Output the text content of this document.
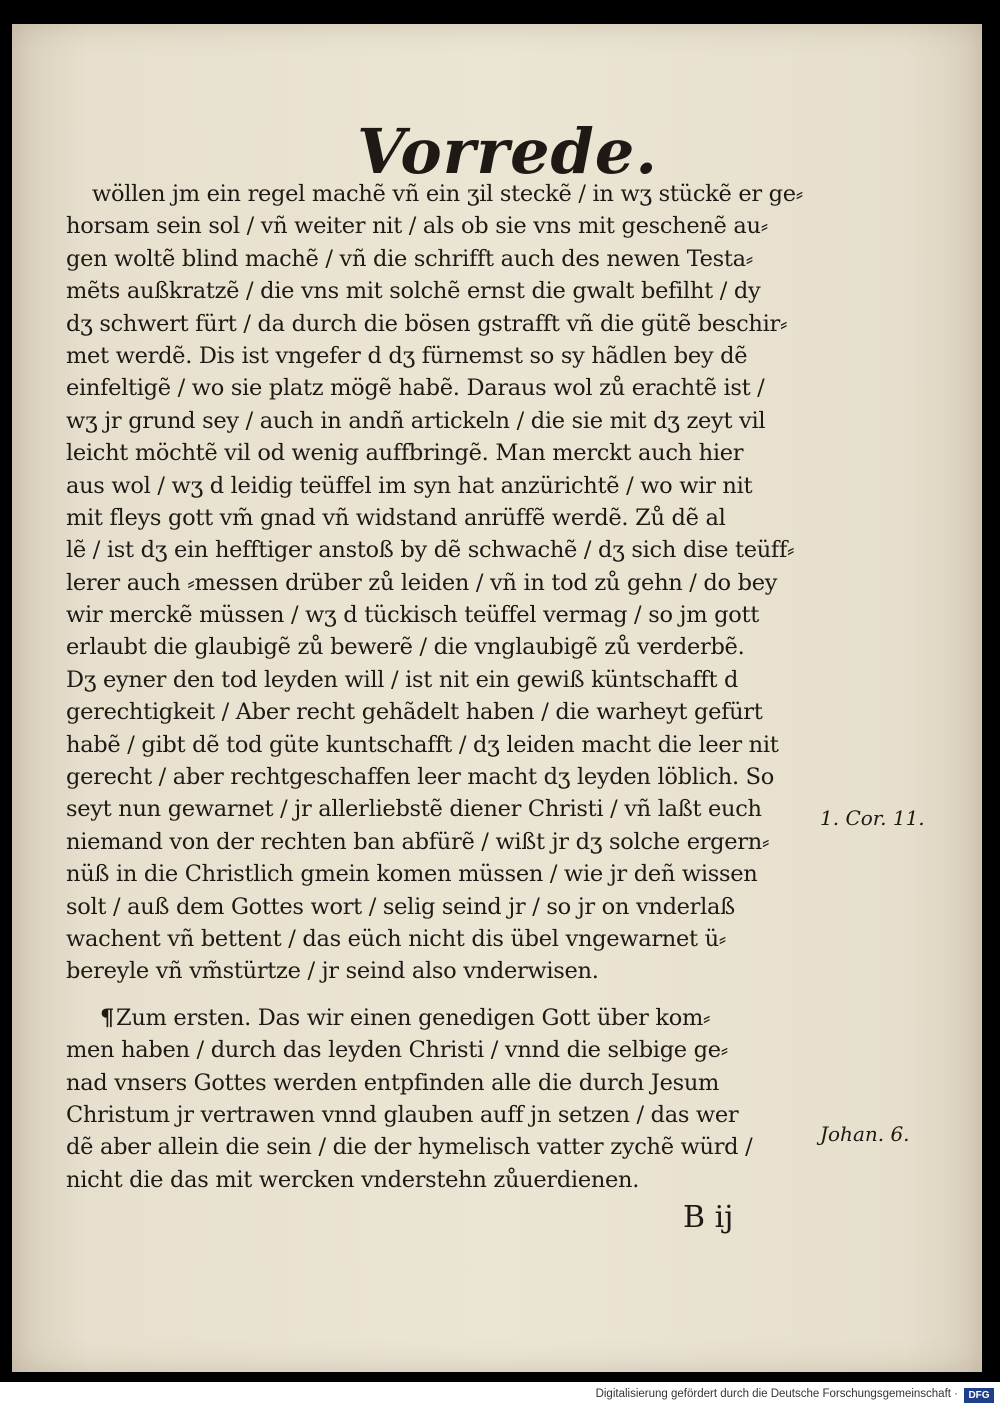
Vorrede.
wöllen jm ein regel machẽ vñ ein ʒil steckẽ / in wʒ stückẽ er ge⸗
horsam sein sol / vñ weiter nit / als ob sie vns mit geschenẽ au⸗
gen woltẽ blind machẽ / vñ die schrifft auch des newen Testa⸗
mẽts außkratzẽ / die vns mit solchẽ ernst die gwalt befilht / dy
dʒ schwert fürt / da durch die bösen gstrafft vñ die gütẽ beschir⸗
met werdẽ. Dis ist vngefer d dʒ fürnemst so sy hãdlen bey dẽ
einfeltigẽ / wo sie platz mögẽ habẽ. Daraus wol zů erachtẽ ist /
wʒ jr grund sey / auch in andñ artickeln / die sie mit dʒ zeyt vil
leicht möchtẽ vil od wenig auffbringẽ. Man merckt auch hier
aus wol / wʒ d leidig teüffel im syn hat anzürichtẽ / wo wir nit
mit fleys gott vm̃ gnad vñ widstand anrüffẽ werdẽ. Zů dẽ al
lẽ / ist dʒ ein hefftiger anstoß by dẽ schwachẽ / dʒ sich dise teüff⸗
lerer auch ⸗messen drüber zů leiden / vñ in tod zů gehn / do bey
wir merckẽ müssen / wʒ d tückisch teüffel vermag / so jm gott
erlaubt die glaubigẽ zů bewerẽ / die vnglaubigẽ zů verderbẽ.
Dʒ eyner den tod leyden will / ist nit ein gewiß küntschafft d
gerechtigkeit / Aber recht gehãdelt haben / die warheyt gefürt
habẽ / gibt dẽ tod güte kuntschafft / dʒ leiden macht die leer nit
gerecht / aber rechtgeschaffen leer macht dʒ leyden löblich. So
seyt nun gewarnet / jr allerliebstẽ diener Christi / vñ laßt euch
niemand von der rechten ban abfürẽ / wißt jr dʒ solche ergern⸗
nüß in die Christlich gmein komen müssen / wie jr deñ wissen
solt / auß dem Gottes wort / selig seind jr / so jr on vnderlaß
wachent vñ bettent / das eüch nicht dis übel vngewarnet ü⸗
bereyle vñ vm̃stürtze / jr seind also vnderwisen.
¶Zum ersten. Das wir einen genedigen Gott über kom⸗
men haben / durch das leyden Christi / vnnd die selbige ge⸗
nad vnsers Gottes werden entpfinden alle die durch Jesum
Christum jr vertrawen vnnd glauben auff jn setzen / das wer
dẽ aber allein die sein / die der hymelisch vatter zychẽ würd /
nicht die das mit wercken vnderstehn zůuerdienen.
1. Cor. 11.
Johan. 6.
B ij
Digitalisierung gefördert durch die Deutsche Forschungsgemeinschaft ·	DFG
